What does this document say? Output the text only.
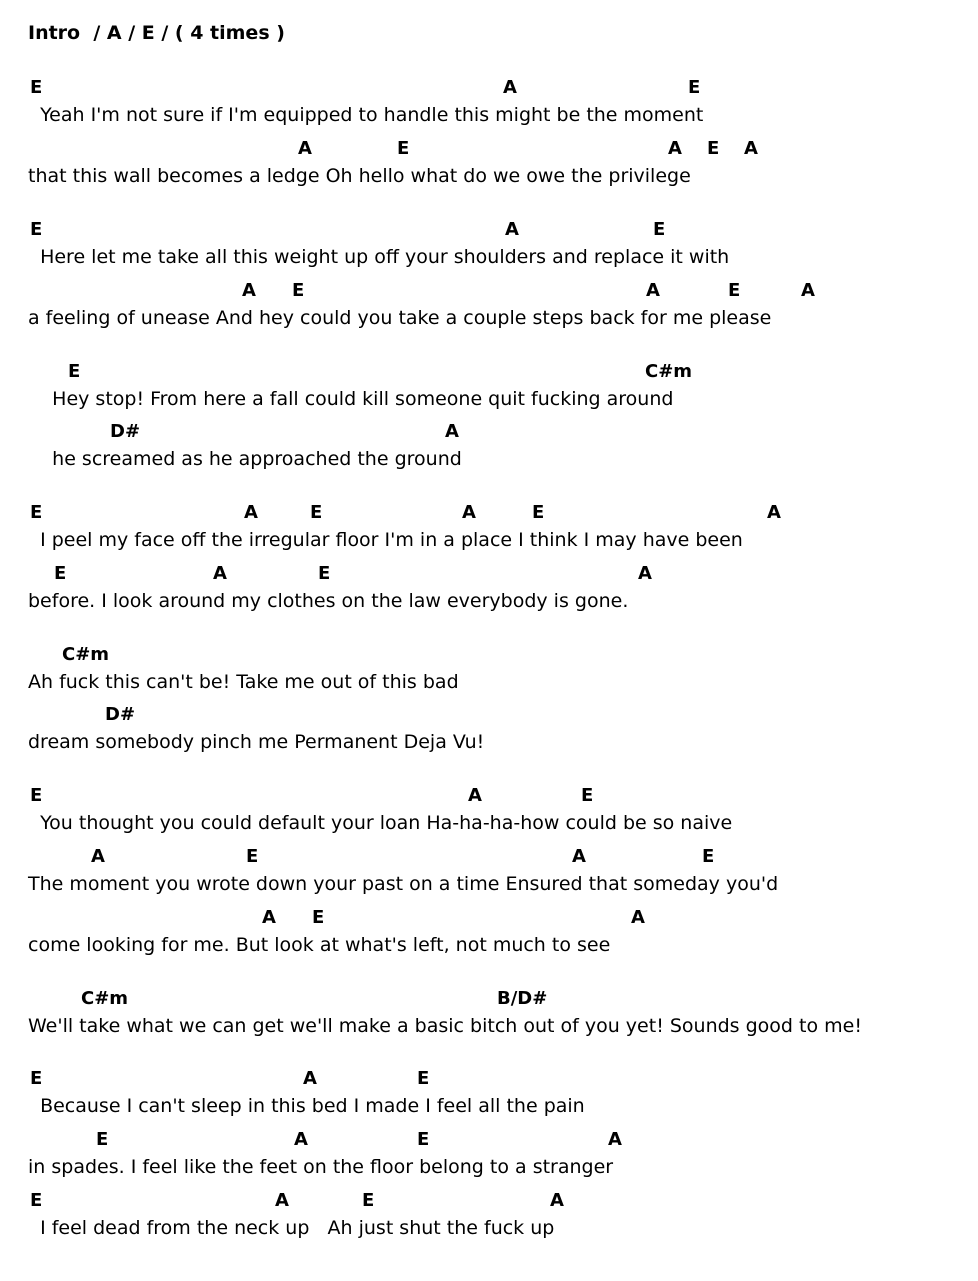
Intro  / A / E / ( 4 times )
E	A	E
Yeah I'm not sure if I'm equipped to handle this might be the moment
A	E	A E A
that this wall becomes a ledge Oh hello what do we owe the privilege
E	A	E
Here let me take all this weight up off your shoulders and replace it with
A E	A	E	A
a feeling of unease And hey could you take a couple steps back for me please
E	C#m
Hey stop! From here a fall could kill someone quit fucking around
D#	A
he screamed as he approached the ground
E	A	E	A	E	A
I peel my face off the irregular floor I'm in a place I think I may have been
E	A	E	A
before. I look around my clothes on the law everybody is gone.
C#m
Ah fuck this can't be! Take me out of this bad
D#
dream somebody pinch me Permanent Deja Vu!
E	A	E
You thought you could default your loan Ha-ha-ha-how could be so naive
A	E	A	E
The moment you wrote down your past on a time Ensured that someday you'd
A E	A
come looking for me. But look at what's left, not much to see
C#m	B/D#
We'll take what we can get we'll make a basic bitch out of you yet! Sounds good to me!
E	A	E
Because I can't sleep in this bed I made I feel all the pain
E	A	E	A
in spades. I feel like the feet on the floor belong to a stranger
E	A	E	A
I feel dead from the neck up   Ah just shut the fuck up
